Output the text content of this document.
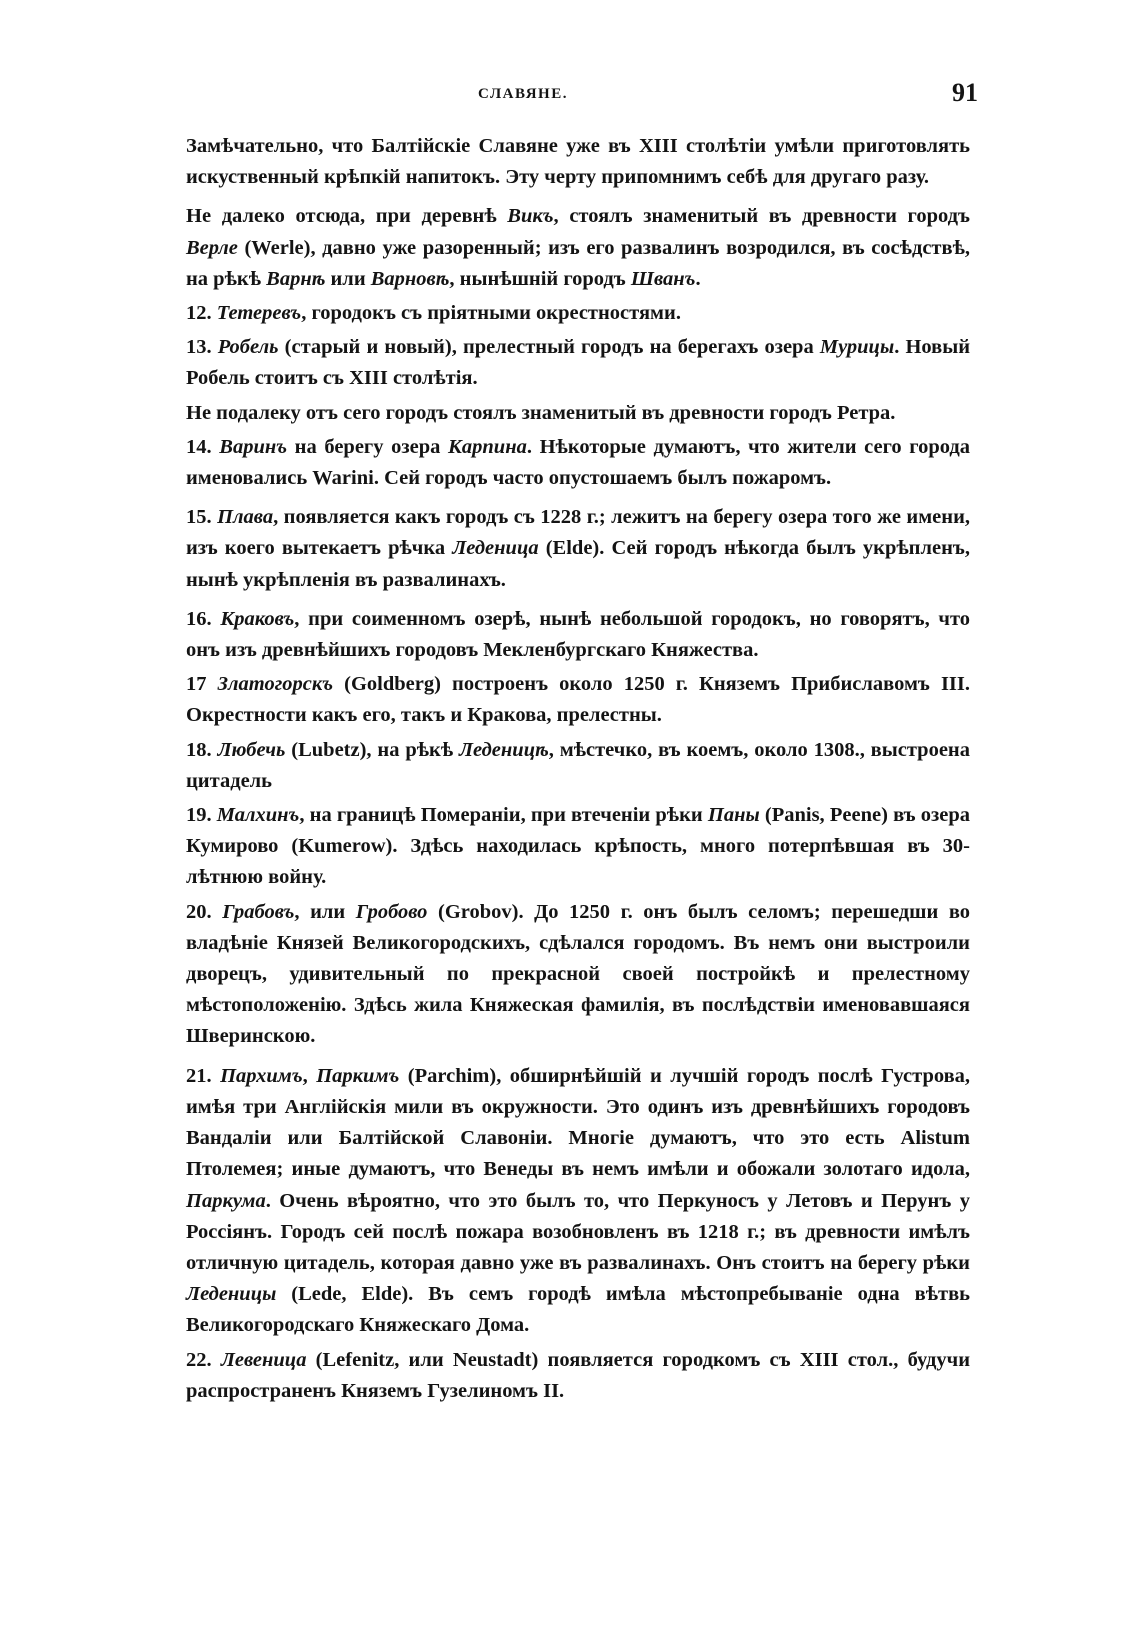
СЛАВЯНЕ.	91

Замѣчательно, что Балтійскіе Славяне уже въ XIII столѣтіи умѣли приготовлять искуственный крѣпкій напитокъ. Эту черту припомнимъ себѣ для другаго разу.

Не далеко отсюда, при деревнѣ Викъ, стоялъ знаменитый въ древности городъ Верле (Werle), давно уже разоренный; изъ его развалинъ возродился, въ сосѣдствѣ, на рѣкѣ Варнѣ или Варновѣ, нынѣшній городъ Шванъ.

12. Тетеревъ, городокъ съ пріятными окрестностями.

13. Робель (старый и новый), прелестный городъ на берегахъ озера Мурицы. Новый Робель стоитъ съ XIII столѣтія.

Не подалеку отъ сего городъ стоялъ знаменитый въ древности городъ Ретра.

14. Варинъ на берегу озера Карпина. Нѣкоторые думаютъ, что жители сего города именовались Warini. Сей городъ часто опустошаемъ былъ пожаромъ.

15. Плава, появляется какъ городъ съ 1228 г.; лежитъ на берегу озера того же имени, изъ коего вытекаетъ рѣчка Леденица (Elde). Сей городъ нѣкогда былъ укрѣпленъ, нынѣ укрѣпленія въ развалинахъ.

16. Краковъ, при соименномъ озерѣ, нынѣ небольшой городокъ, но говорятъ, что онъ изъ древнѣйшихъ городовъ Мекленбургскаго Княжества.

17 Златогорскъ (Goldberg) построенъ около 1250 г. Княземъ Прибиславомъ III. Окрестности какъ его, такъ и Кракова, прелестны.

18. Любечь (Lubetz), на рѣкѣ Леденицѣ, мѣстечко, въ коемъ, около 1308., выстроена цитадель

19. Малхинъ, на границѣ Помераніи, при втеченіи рѣки Паны (Panis, Peene) въ озера Кумирово (Kumerow). Здѣсь находилась крѣпость, много потерпѣвшая въ 30-лѣтнюю войну.

20. Грабовъ, или Гробово (Grobov). До 1250 г. онъ былъ селомъ; перешедши во владѣніе Князей Великогородскихъ, сдѣлался городомъ. Въ немъ они выстроили дворецъ, удивительный по прекрасной своей постройкѣ и прелестному мѣстоположенію. Здѣсь жила Княжеская фамилія, въ послѣдствіи именовавшаяся Шверинскою.

21. Пархимъ, Паркимъ (Parchim), обширнѣйшій и лучшій городъ послѣ Густрова, имѣя три Англійскія мили въ окружности. Это одинъ изъ древнѣйшихъ городовъ Вандаліи или Балтійской Славоніи. Многіе думаютъ, что это есть Alistum Птолемея; иные думаютъ, что Венеды въ немъ имѣли и обожали золотаго идола, Паркума. Очень вѣроятно, что это былъ то, что Перкуносъ у Летовъ и Перунъ у Россіянъ. Городъ сей послѣ пожара возобновленъ въ 1218 г.; въ древности имѣлъ отличную цитадель, которая давно уже въ развалинахъ. Онъ стоитъ на берегу рѣки Леденицы (Lede, Elde). Въ семъ городѣ имѣла мѣстопребываніе одна вѣтвь Великогородскаго Княжескаго Дома.

22. Левеница (Lefenitz, или Neustadt) появляется городкомъ съ XIII стол., будучи распространенъ Княземъ Гузелиномъ II.
